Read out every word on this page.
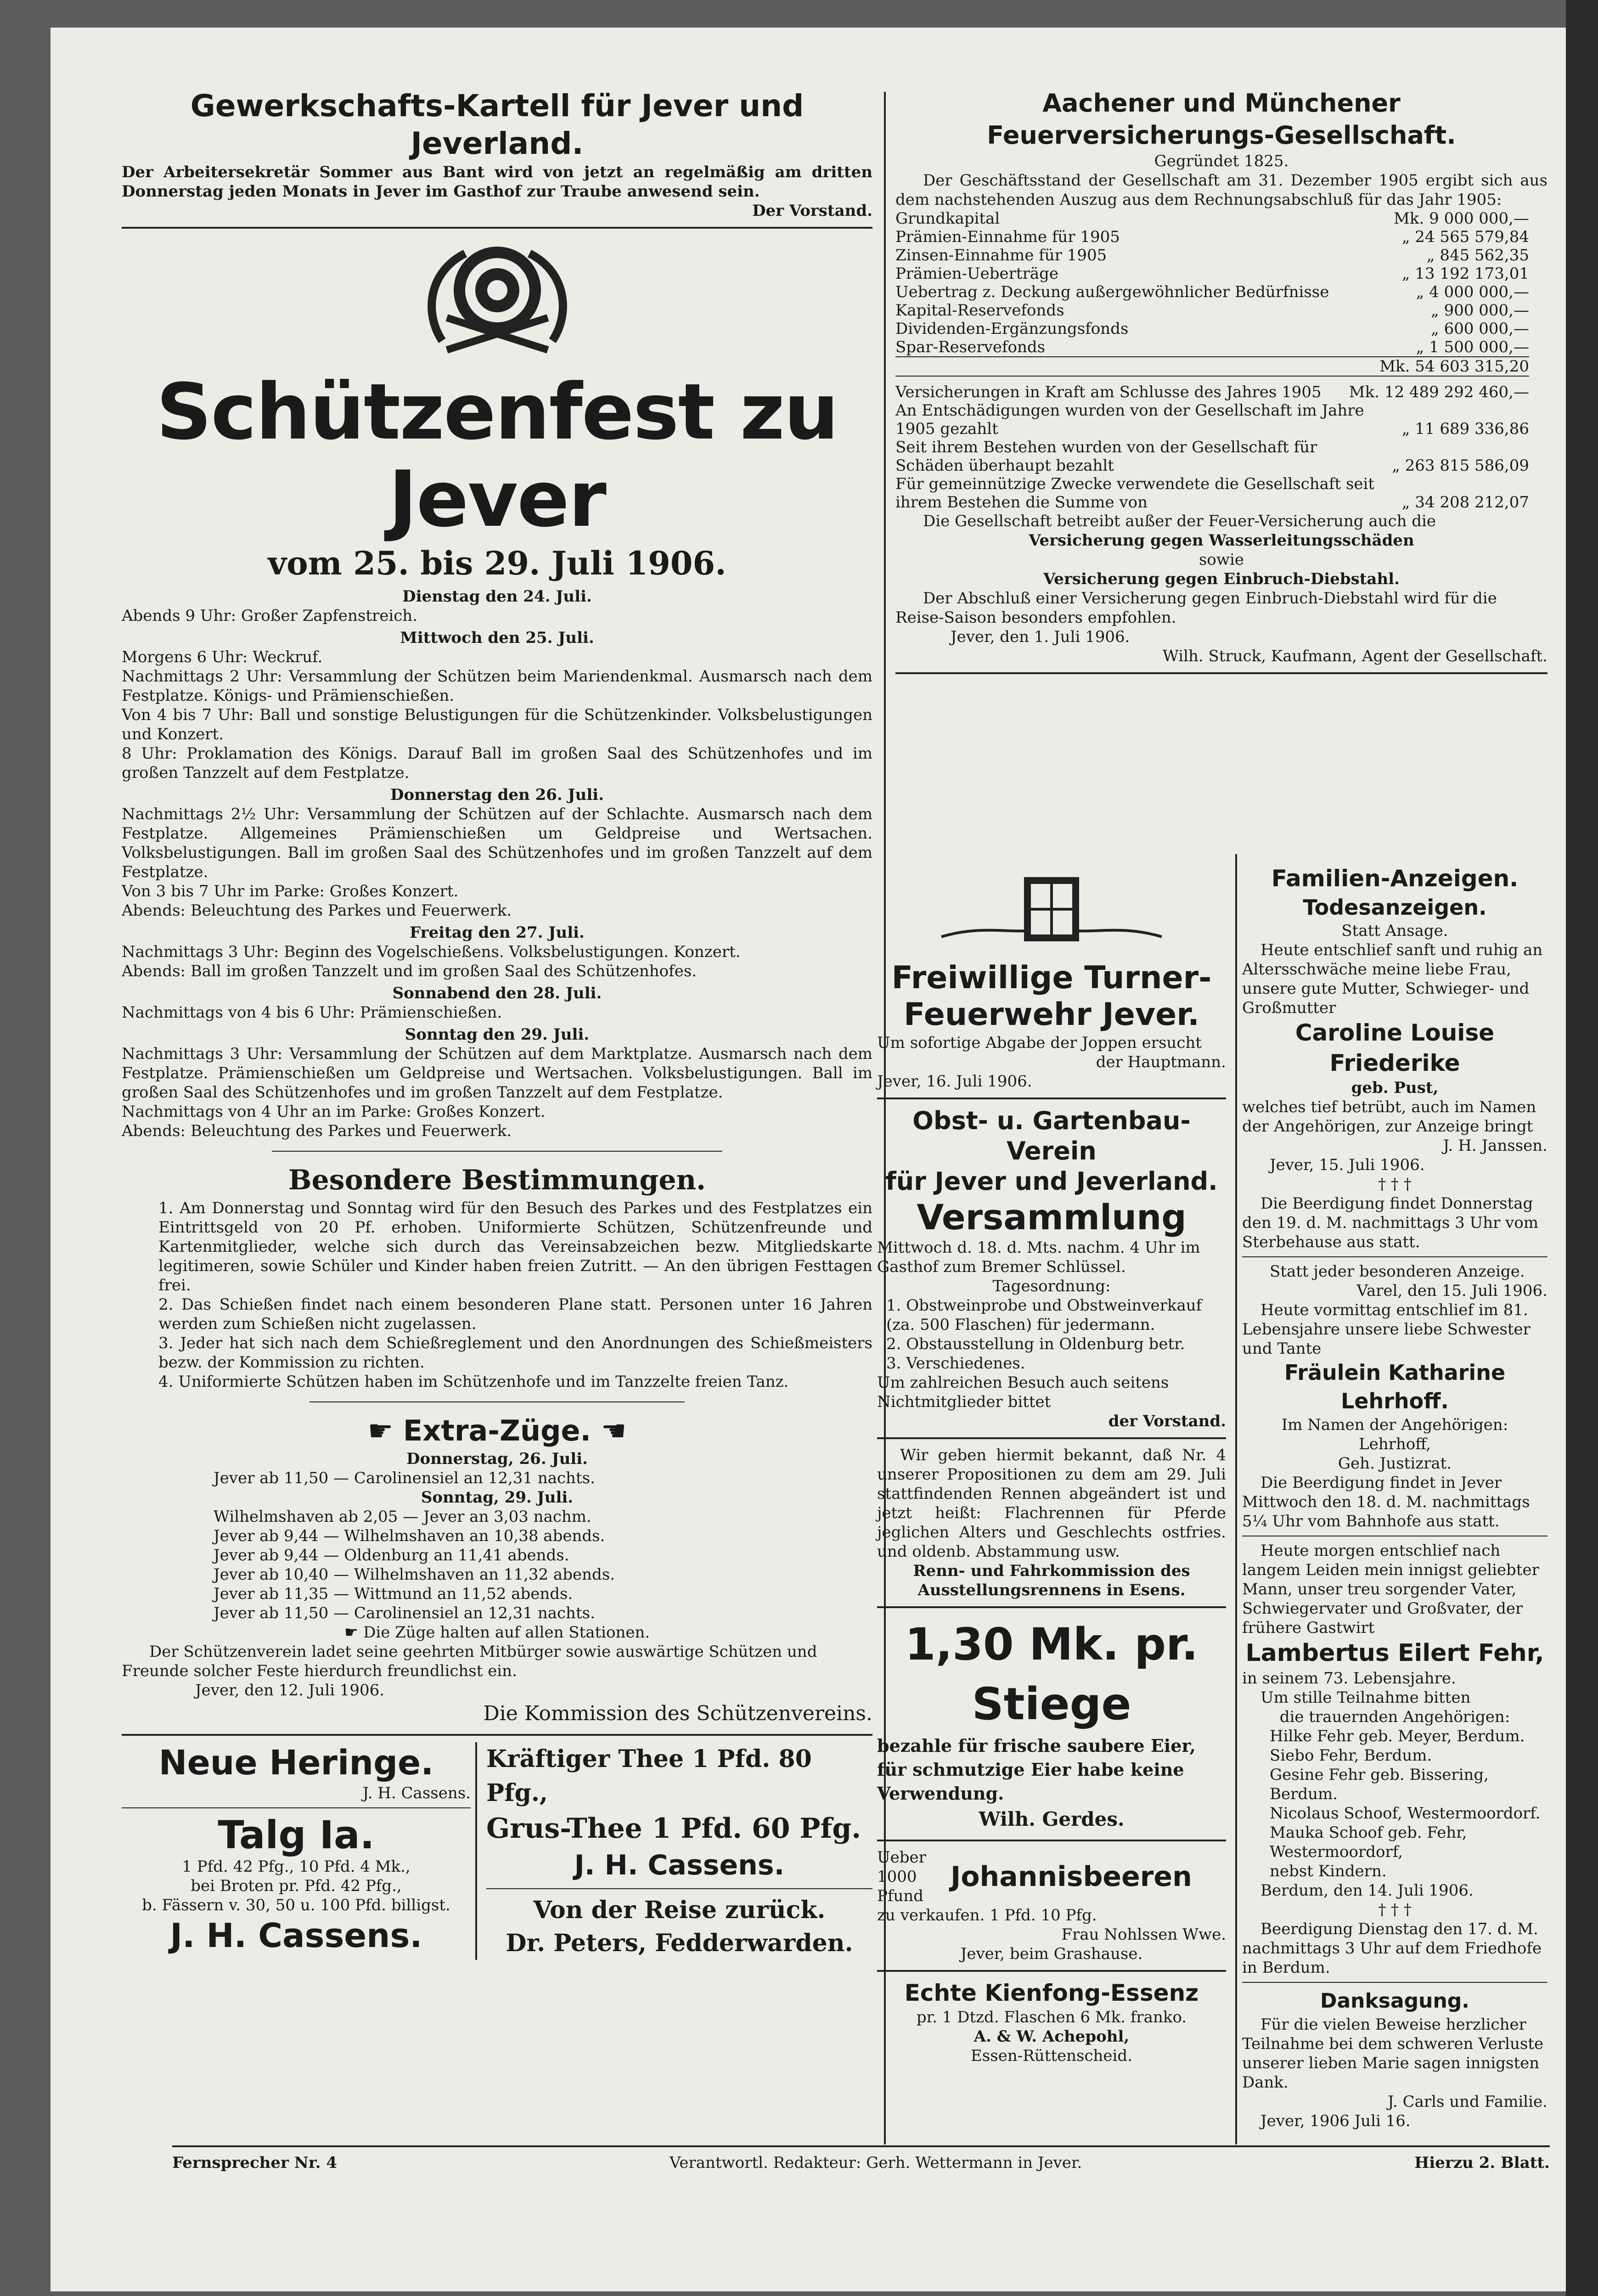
Gewerkschafts-Kartell für Jever und Jeverland.

Der Arbeitersekretär Sommer aus Bant wird von jetzt an regelmäßig am dritten Donnerstag jeden Monats in Jever im Gasthof zur Traube anwesend sein.

Der Vorstand.

Schützenfest zu Jever

vom 25. bis 29. Juli 1906.

Dienstag den 24. Juli.

Abends 9 Uhr: Großer Zapfenstreich.

Mittwoch den 25. Juli.

Morgens 6 Uhr: Weckruf.

Nachmittags 2 Uhr: Versammlung der Schützen beim Mariendenkmal. Ausmarsch nach dem Festplatze. Königs- und Prämienschießen.

Von 4 bis 7 Uhr: Ball und sonstige Belustigungen für die Schützenkinder. Volksbelustigungen und Konzert.

8 Uhr: Proklamation des Königs. Darauf Ball im großen Saal des Schützenhofes und im großen Tanzzelt auf dem Festplatze.

Donnerstag den 26. Juli.

Nachmittags 2½ Uhr: Versammlung der Schützen auf der Schlachte. Ausmarsch nach dem Festplatze. Allgemeines Prämienschießen um Geldpreise und Wertsachen. Volksbelustigungen. Ball im großen Saal des Schützenhofes und im großen Tanzzelt auf dem Festplatze.

Von 3 bis 7 Uhr im Parke: Großes Konzert.

Abends: Beleuchtung des Parkes und Feuerwerk.

Freitag den 27. Juli.

Nachmittags 3 Uhr: Beginn des Vogelschießens. Volksbelustigungen. Konzert.

Abends: Ball im großen Tanzzelt und im großen Saal des Schützenhofes.

Sonnabend den 28. Juli.

Nachmittags von 4 bis 6 Uhr: Prämienschießen.

Sonntag den 29. Juli.

Nachmittags 3 Uhr: Versammlung der Schützen auf dem Marktplatze. Ausmarsch nach dem Festplatze. Prämienschießen um Geldpreise und Wertsachen. Volksbelustigungen. Ball im großen Saal des Schützenhofes und im großen Tanzzelt auf dem Festplatze.

Nachmittags von 4 Uhr an im Parke: Großes Konzert.

Abends: Beleuchtung des Parkes und Feuerwerk.

Besondere Bestimmungen.

1. Am Donnerstag und Sonntag wird für den Besuch des Parkes und des Festplatzes ein Eintrittsgeld von 20 Pf. erhoben. Uniformierte Schützen, Schützenfreunde und Kartenmitglieder, welche sich durch das Vereinsabzeichen bezw. Mitgliedskarte legitimeren, sowie Schüler und Kinder haben freien Zutritt. — An den übrigen Festtagen frei.

2. Das Schießen findet nach einem besonderen Plane statt. Personen unter 16 Jahren werden zum Schießen nicht zugelassen.

3. Jeder hat sich nach dem Schießreglement und den Anordnungen des Schießmeisters bezw. der Kommission zu richten.

4. Uniformierte Schützen haben im Schützenhofe und im Tanzzelte freien Tanz.

☛ Extra-Züge. ☚

Donnerstag, 26. Juli.

Jever ab 11,50 — Carolinensiel an 12,31 nachts.

Sonntag, 29. Juli.

Wilhelmshaven ab 2,05 — Jever an 3,03 nachm.

Jever ab 9,44 — Wilhelmshaven an 10,38 abends.

Jever ab 9,44 — Oldenburg an 11,41 abends.

Jever ab 10,40 — Wilhelmshaven an 11,32 abends.

Jever ab 11,35 — Wittmund an 11,52 abends.

Jever ab 11,50 — Carolinensiel an 12,31 nachts.

☛ Die Züge halten auf allen Stationen.

Der Schützenverein ladet seine geehrten Mitbürger sowie auswärtige Schützen und Freunde solcher Feste hierdurch freundlichst ein.

Jever, den 12. Juli 1906.

Die Kommission des Schützenvereins.

Neue Heringe.

J. H. Cassens.

Talg Ia.

1 Pfd. 42 Pfg., 10 Pfd. 4 Mk.,

bei Broten pr. Pfd. 42 Pfg.,

b. Fässern v. 30, 50 u. 100 Pfd. billigst.

J. H. Cassens.

Kräftiger Thee 1 Pfd. 80 Pfg.,

Grus-Thee 1 Pfd. 60 Pfg.

J. H. Cassens.

Von der Reise zurück.

Dr. Peters, Fedderwarden.

Aachener und Münchener Feuerversicherungs-Gesellschaft.

Gegründet 1825.

Der Geschäftsstand der Gesellschaft am 31. Dezember 1905 ergibt sich aus dem nachstehenden Auszug aus dem Rechnungsabschluß für das Jahr 1905:

Grundkapital	Mk. 9 000 000,—
Prämien-Einnahme für 1905	„ 24 565 579,84
Zinsen-Einnahme für 1905	„ 845 562,35
Prämien-Ueberträge	„ 13 192 173,01
Uebertrag z. Deckung außergewöhnlicher Bedürfnisse	„ 4 000 000,—
Kapital-Reservefonds	„ 900 000,—
Dividenden-Ergänzungsfonds	„ 600 000,—
Spar-Reservefonds	„ 1 500 000,—
Mk. 54 603 315,20
Versicherungen in Kraft am Schlusse des Jahres 1905	Mk. 12 489 292 460,—
An Entschädigungen wurden von der Gesellschaft im Jahre 1905 gezahlt	„ 11 689 336,86
Seit ihrem Bestehen wurden von der Gesellschaft für Schäden überhaupt bezahlt	„ 263 815 586,09
Für gemeinnützige Zwecke verwendete die Gesellschaft seit ihrem Bestehen die Summe von	„ 34 208 212,07

Die Gesellschaft betreibt außer der Feuer-Versicherung auch die

Versicherung gegen Wasserleitungsschäden

sowie

Versicherung gegen Einbruch-Diebstahl.

Der Abschluß einer Versicherung gegen Einbruch-Diebstahl wird für die Reise-Saison besonders empfohlen.

Jever, den 1. Juli 1906.

Wilh. Struck, Kaufmann, Agent der Gesellschaft.

Freiwillige Turner-

Feuerwehr Jever.

Um sofortige Abgabe der Joppen ersucht

der Hauptmann.

Jever, 16. Juli 1906.

Obst- u. Gartenbau-Verein

für Jever und Jeverland.

Versammlung

Mittwoch d. 18. d. Mts. nachm. 4 Uhr im Gasthof zum Bremer Schlüssel.

Tagesordnung:

1. Obstweinprobe und Obstweinverkauf (za. 500 Flaschen) für jedermann.

2. Obstausstellung in Oldenburg betr.

3. Verschiedenes.

Um zahlreichen Besuch auch seitens Nichtmitglieder bittet

der Vorstand.

Wir geben hiermit bekannt, daß Nr. 4 unserer Propositionen zu dem am 29. Juli stattfindenden Rennen abgeändert ist und jetzt heißt: Flachrennen für Pferde jeglichen Alters und Geschlechts ostfries. und oldenb. Abstammung usw.

Renn- und Fahrkommission des Ausstellungsrennens in Esens.

1,30 Mk. pr. Stiege

bezahle für frische saubere Eier, für schmutzige Eier habe keine Verwendung.

Wilh. Gerdes.

Ueber 1000 Pfund

Johannisbeeren

zu verkaufen. 1 Pfd. 10 Pfg.

Frau Nohlssen Wwe.

Jever, beim Grashause.

Echte Kienfong-Essenz

pr. 1 Dtzd. Flaschen 6 Mk. franko.

A. & W. Achepohl,

Essen-Rüttenscheid.

Familien-Anzeigen.

Todesanzeigen.

Statt Ansage.

Heute entschlief sanft und ruhig an Altersschwäche meine liebe Frau, unsere gute Mutter, Schwieger- und Großmutter

Caroline Louise Friederike

geb. Pust,

welches tief betrübt, auch im Namen der Angehörigen, zur Anzeige bringt

J. H. Janssen.

Jever, 15. Juli 1906.

† † †

Die Beerdigung findet Donnerstag den 19. d. M. nachmittags 3 Uhr vom Sterbehause aus statt.

Statt jeder besonderen Anzeige.

Varel, den 15. Juli 1906.

Heute vormittag entschlief im 81. Lebensjahre unsere liebe Schwester und Tante

Fräulein Katharine Lehrhoff.

Im Namen der Angehörigen:

Lehrhoff,

Geh. Justizrat.

Die Beerdigung findet in Jever Mittwoch den 18. d. M. nachmittags 5¼ Uhr vom Bahnhofe aus statt.

Heute morgen entschlief nach langem Leiden mein innigst geliebter Mann, unser treu sorgender Vater, Schwiegervater und Großvater, der frühere Gastwirt

Lambertus Eilert Fehr,

in seinem 73. Lebensjahre.

Um stille Teilnahme bitten

die trauernden Angehörigen:

Hilke Fehr geb. Meyer, Berdum.

Siebo Fehr, Berdum.

Gesine Fehr geb. Bissering, Berdum.

Nicolaus Schoof, Westermoordorf.

Mauka Schoof geb. Fehr, Westermoordorf,

nebst Kindern.

Berdum, den 14. Juli 1906.

† † †

Beerdigung Dienstag den 17. d. M. nachmittags 3 Uhr auf dem Friedhofe in Berdum.

Danksagung.

Für die vielen Beweise herzlicher Teilnahme bei dem schweren Verluste unserer lieben Marie sagen innigsten Dank.

J. Carls und Familie.

Jever, 1906 Juli 16.

Fernsprecher Nr. 4	Verantwortl. Redakteur: Gerh. Wettermann in Jever.	Hierzu 2. Blatt.
